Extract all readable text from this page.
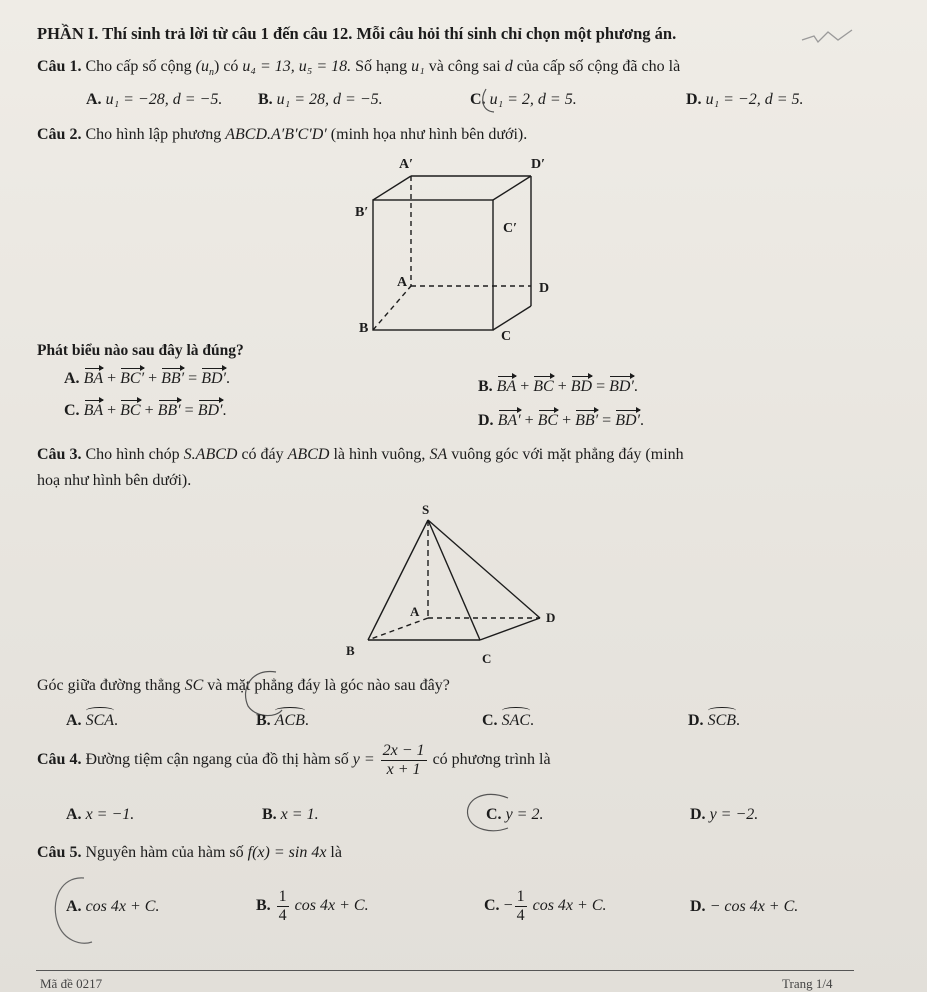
PHẦN I. Thí sinh trả lời từ câu 1 đến câu 12. Mỗi câu hỏi thí sinh chỉ chọn một phương án.
Câu 1. Cho cấp số cộng $(u_n)$ có u₄ = 13, u₅ = 18. Số hạng u₁ và công sai d của cấp số cộng đã cho là
A. u₁ = −28, d = −5. B. u₁ = 28, d = −5.	C. u₁ = 2, d = 5.	D. u₁ = −2, d = 5.
Câu 2. Cho hình lập phương ABCD.A′B′C′D′ (minh họa như hình bên dưới).
A′	D′
B′
C′
A	D
B
C
Phát biểu nào sau đây là đúng?
A. BA + BC′ + BB′ = BD′.	B. BA + BC + BD = BD′.
C. BA + BC + BB′ = BD′.
D. BA′ + BC + BB′ = BD′.
Câu 3. Cho hình chóp S.ABCD có đáy ABCD là hình vuông, SA vuông góc với mặt phẳng đáy (minh
hoạ như hình bên dưới).
S
A	D
B
C
Góc giữa đường thẳng SC và mặt phẳng đáy là góc nào sau đây?
A. SCA.	B. ACB.	C. SAC.	D. SCB.
Câu 4. Đường tiệm cận ngang của đồ thị hàm số $y = \frac{2x - 1}{x + 1}$ có phương trình là
A. x = −1.	B. x = 1.	C. y = 2.	D. y = −2.
Câu 5. Nguyên hàm của hàm số f(x) = sin 4x là
A. cos 4x + C.	B. $\frac{1}{4}$ cos 4x + C.	C. − $\frac{1}{4}$ cos 4x + C.	D. − cos 4x + C.
Mã đề 0217	Trang 1/4
